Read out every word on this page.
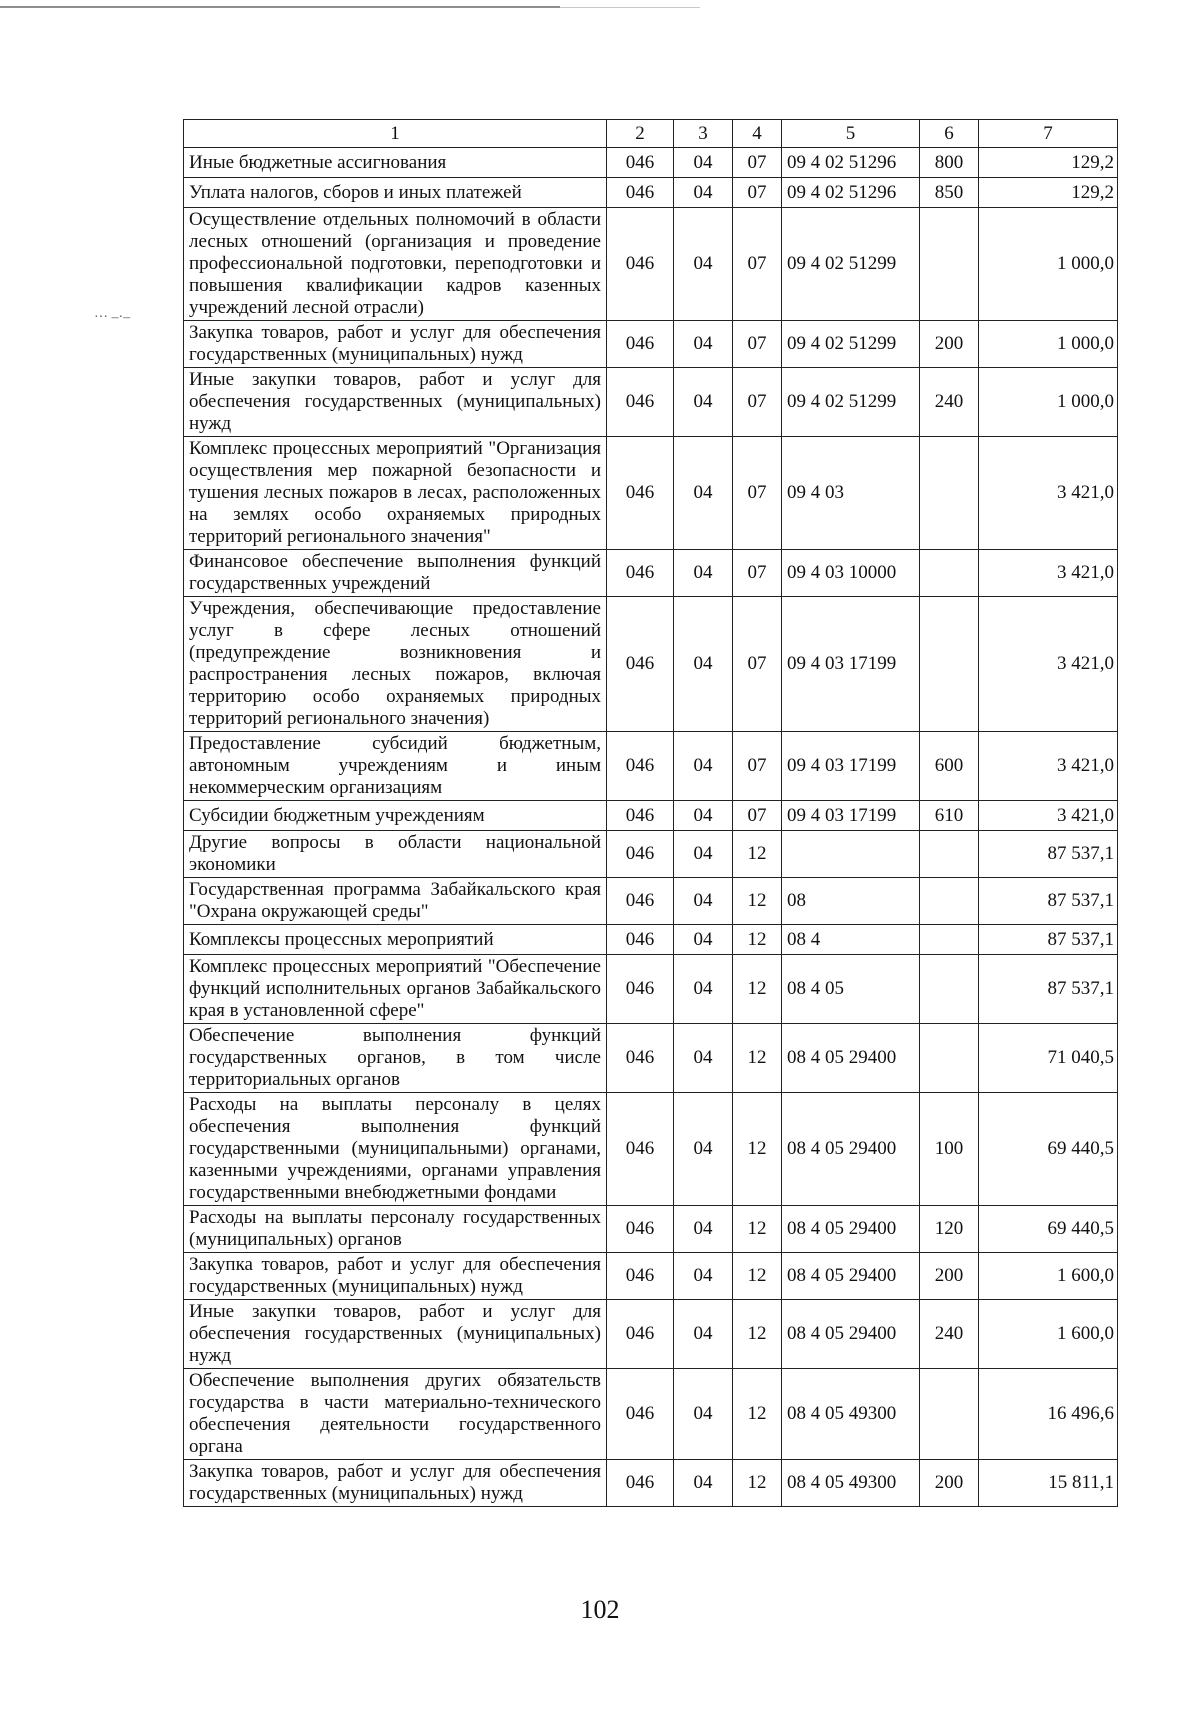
··· –·–
1	2	3	4	5	6	7
Иные бюджетные ассигнования	046	04	07	09 4 02 51296	800	129,2
Уплата налогов, сборов и иных платежей	046	04	07	09 4 02 51296	850	129,2
Осуществление отдельных полномочий в области лесных отношений (организация и проведение профессиональной подготовки, переподготовки и повышения квалификации кадров казенных учреждений лесной отрасли)	046	04	07	09 4 02 51299		1 000,0
Закупка товаров, работ и услуг для обеспечения государственных (муниципальных) нужд	046	04	07	09 4 02 51299	200	1 000,0
Иные закупки товаров, работ и услуг для обеспечения государственных (муниципальных) нужд	046	04	07	09 4 02 51299	240	1 000,0
Комплекс процессных мероприятий "Организация осуществления мер пожарной безопасности и тушения лесных пожаров в лесах, расположенных на землях особо охраняемых природных территорий регионального значения"	046	04	07	09 4 03		3 421,0
Финансовое обеспечение выполнения функций государственных учреждений	046	04	07	09 4 03 10000		3 421,0
Учреждения, обеспечивающие предоставление услуг в сфере лесных отношений (предупреждение возникновения и распространения лесных пожаров, включая территорию особо охраняемых природных территорий регионального значения)	046	04	07	09 4 03 17199		3 421,0
Предоставление субсидий бюджетным, автономным учреждениям и иным некоммерческим организациям	046	04	07	09 4 03 17199	600	3 421,0
Субсидии бюджетным учреждениям	046	04	07	09 4 03 17199	610	3 421,0
Другие вопросы в области национальной экономики	046	04	12			87 537,1
Государственная программа Забайкальского края "Охрана окружающей среды"	046	04	12	08		87 537,1
Комплексы процессных мероприятий	046	04	12	08 4		87 537,1
Комплекс процессных мероприятий "Обеспечение функций исполнительных органов Забайкальского края в установленной сфере"	046	04	12	08 4 05		87 537,1
Обеспечение выполнения функций государственных органов, в том числе территориальных органов	046	04	12	08 4 05 29400		71 040,5
Расходы на выплаты персоналу в целях обеспечения выполнения функций государственными (муниципальными) органами, казенными учреждениями, органами управления государственными внебюджетными фондами	046	04	12	08 4 05 29400	100	69 440,5
Расходы на выплаты персоналу государственных (муниципальных) органов	046	04	12	08 4 05 29400	120	69 440,5
Закупка товаров, работ и услуг для обеспечения государственных (муниципальных) нужд	046	04	12	08 4 05 29400	200	1 600,0
Иные закупки товаров, работ и услуг для обеспечения государственных (муниципальных) нужд	046	04	12	08 4 05 29400	240	1 600,0
Обеспечение выполнения других обязательств государства в части материально-технического обеспечения деятельности государственного органа	046	04	12	08 4 05 49300		16 496,6
Закупка товаров, работ и услуг для обеспечения государственных (муниципальных) нужд	046	04	12	08 4 05 49300	200	15 811,1
102
